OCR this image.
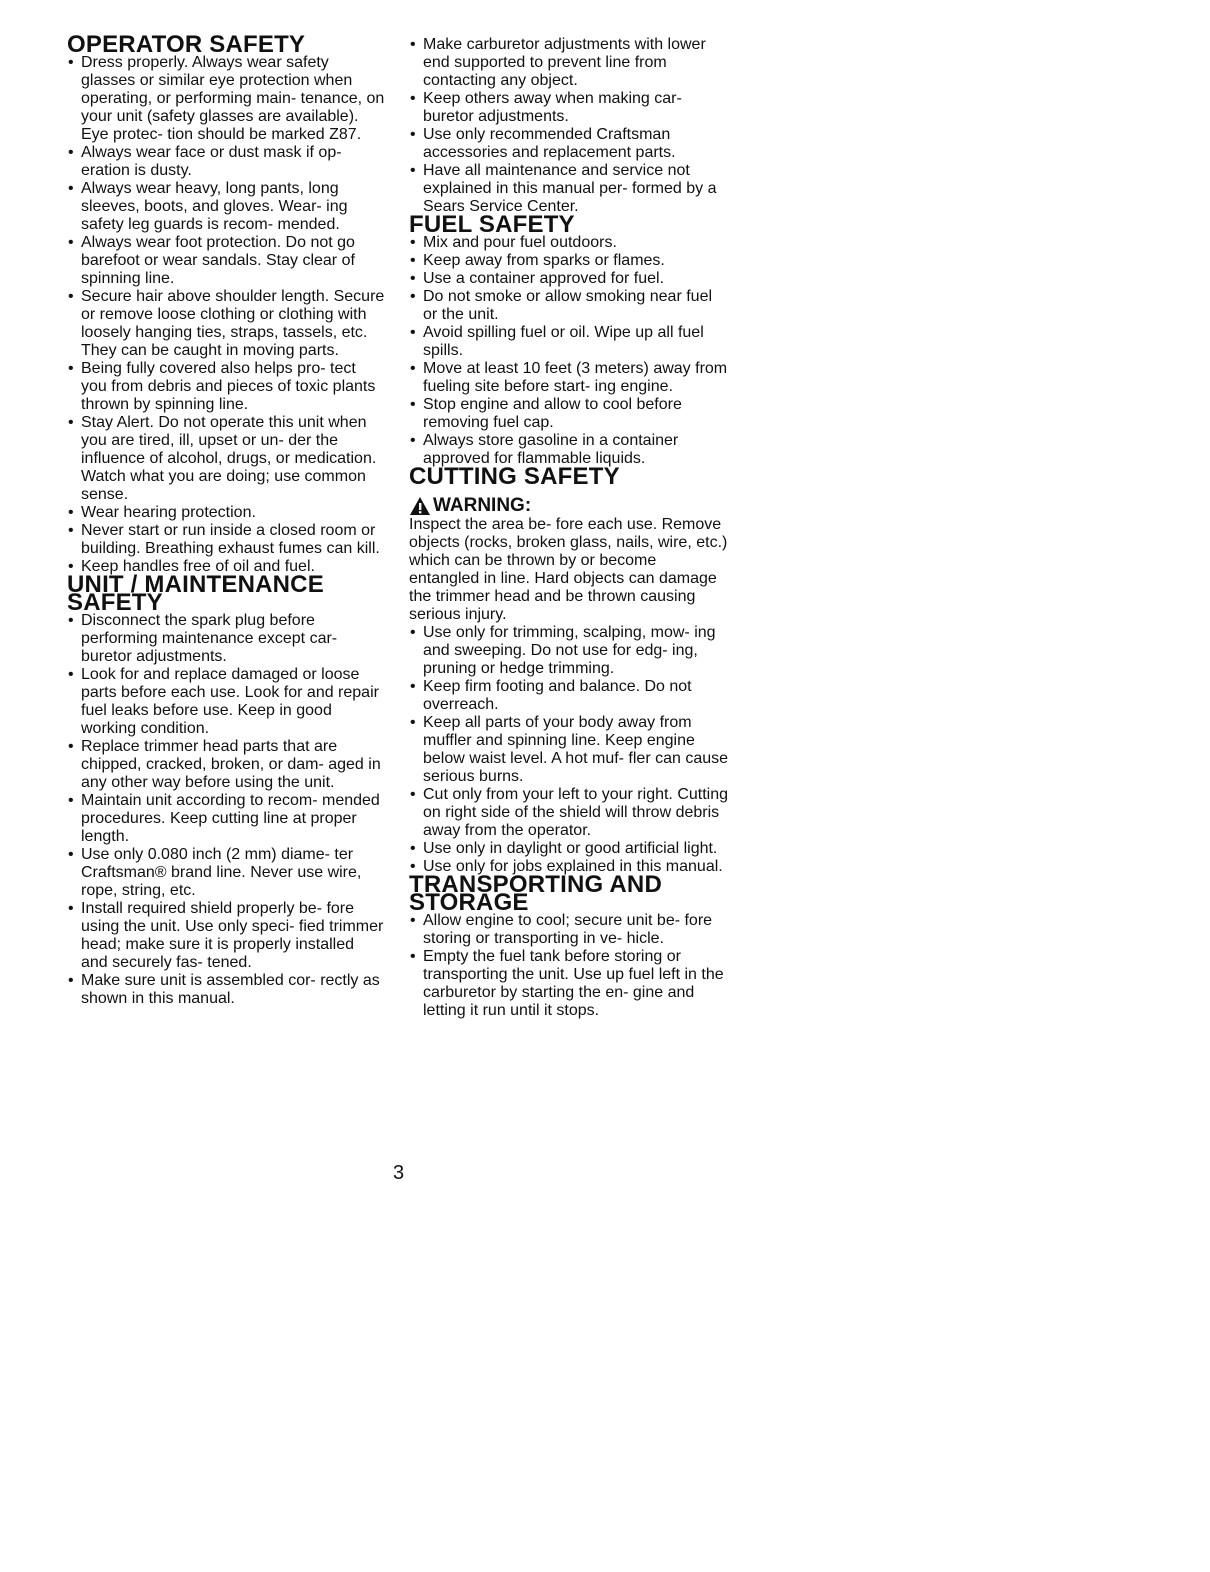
OPERATOR SAFETY
• Dress properly. Always wear safety glasses or similar eye protection when operating, or performing main- tenance, on your unit (safety glasses are available). Eye protec- tion should be marked Z87.
• Always wear face or dust mask if op- eration is dusty.
• Always wear heavy, long pants, long sleeves, boots, and gloves. Wear- ing safety leg guards is recom- mended.
• Always wear foot protection. Do not go barefoot or wear sandals. Stay clear of spinning line.
• Secure hair above shoulder length. Secure or remove loose clothing or clothing with loosely hanging ties, straps, tassels, etc. They can be caught in moving parts.
• Being fully covered also helps pro- tect you from debris and pieces of toxic plants thrown by spinning line.
• Stay Alert. Do not operate this unit when you are tired, ill, upset or un- der the influence of alcohol, drugs, or medication. Watch what you are doing; use common sense.
• Wear hearing protection.
• Never start or run inside a closed room or building. Breathing exhaust fumes can kill.
• Keep handles free of oil and fuel.
UNIT / MAINTENANCE SAFETY
• Disconnect the spark plug before performing maintenance except car- buretor adjustments.
• Look for and replace damaged or loose parts before each use. Look for and repair fuel leaks before use. Keep in good working condition.
• Replace trimmer head parts that are chipped, cracked, broken, or dam- aged in any other way before using the unit.
• Maintain unit according to recom- mended procedures. Keep cutting line at proper length.
• Use only 0.080 inch (2 mm) diame- ter Craftsman® brand line. Never use wire, rope, string, etc.
• Install required shield properly be- fore using the unit. Use only speci- fied trimmer head; make sure it is properly installed and securely fas- tened.
• Make sure unit is assembled cor- rectly as shown in this manual.
• Make carburetor adjustments with lower end supported to prevent line from contacting any object.
• Keep others away when making car- buretor adjustments.
• Use only recommended Craftsman accessories and replacement parts.
• Have all maintenance and service not explained in this manual per- formed by a Sears Service Center.
FUEL SAFETY
• Mix and pour fuel outdoors.
• Keep away from sparks or flames.
• Use a container approved for fuel.
• Do not smoke or allow smoking near fuel or the unit.
• Avoid spilling fuel or oil. Wipe up all fuel spills.
• Move at least 10 feet (3 meters) away from fueling site before start- ing engine.
• Stop engine and allow to cool before removing fuel cap.
• Always store gasoline in a container approved for flammable liquids.
CUTTING SAFETY
WARNING:
Inspect the area be- fore each use. Remove objects (rocks, broken glass, nails, wire, etc.) which can be thrown by or become entangled in line. Hard objects can damage the trimmer head and be thrown causing serious injury.
• Use only for trimming, scalping, mow- ing and sweeping. Do not use for edg- ing, pruning or hedge trimming.
• Keep firm footing and balance. Do not overreach.
• Keep all parts of your body away from muffler and spinning line. Keep engine below waist level. A hot muf- fler can cause serious burns.
• Cut only from your left to your right. Cutting on right side of the shield will throw debris away from the operator.
• Use only in daylight or good artificial light.
• Use only for jobs explained in this manual.
TRANSPORTING AND STORAGE
• Allow engine to cool; secure unit be- fore storing or transporting in ve- hicle.
• Empty the fuel tank before storing or transporting the unit. Use up fuel left in the carburetor by starting the en- gine and letting it run until it stops.
3
